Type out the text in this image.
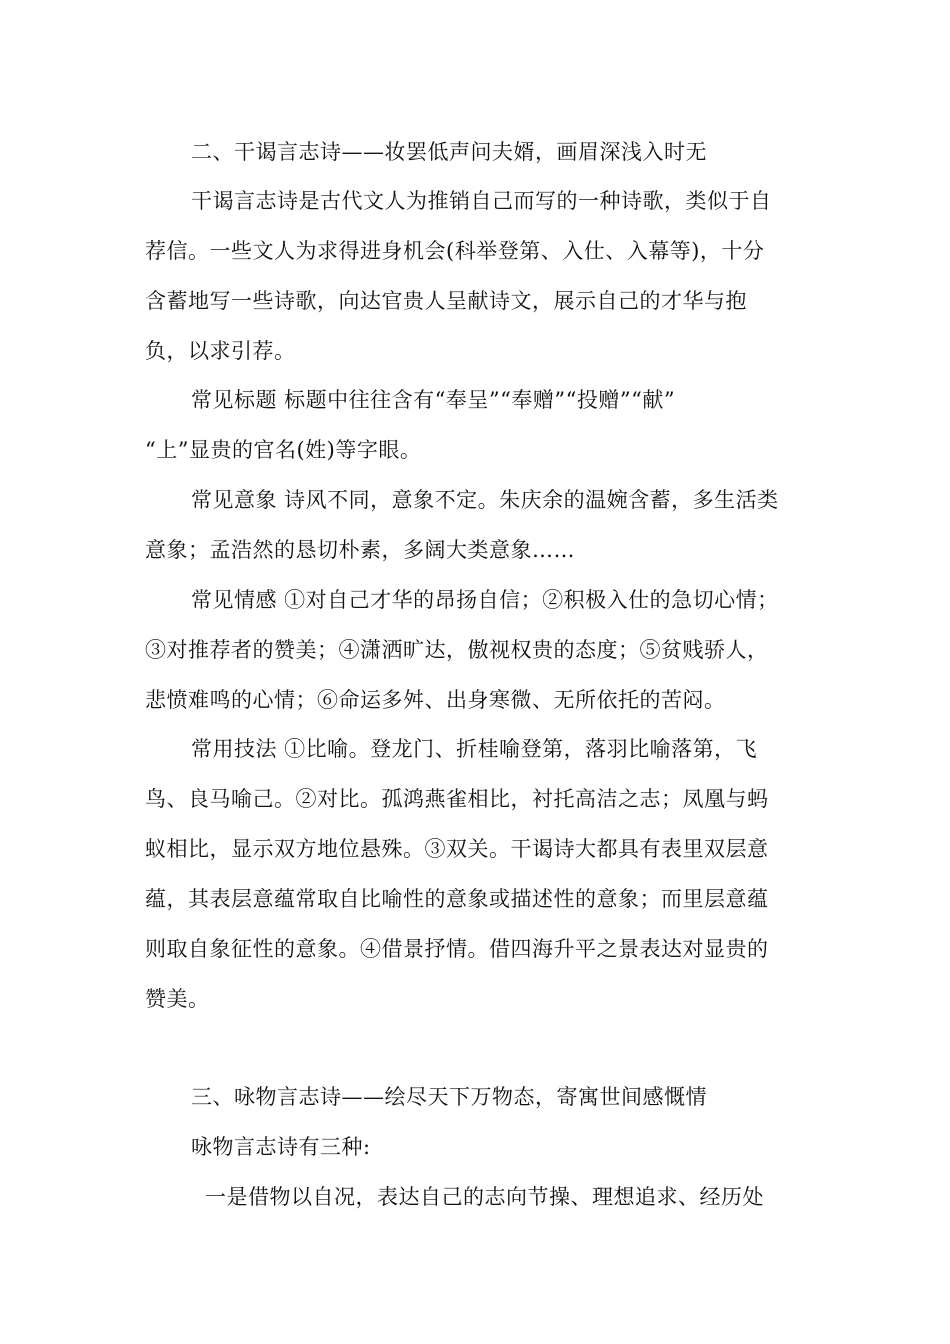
二、干谒言志诗——妆罢低声问夫婿，画眉深浅入时无
干谒言志诗是古代文人为推销自己而写的一种诗歌，类似于自
荐信。一些文人为求得进身机会(科举登第、入仕、入幕等)，十分
含蓄地写一些诗歌，向达官贵人呈献诗文，展示自己的才华与抱
负，以求引荐。
常见标题 标题中往往含有“奉呈”“奉赠”“投赠”“献”
“上”显贵的官名(姓)等字眼。
常见意象 诗风不同，意象不定。朱庆余的温婉含蓄，多生活类
意象；孟浩然的恳切朴素，多阔大类意象……
常见情感 ①对自己才华的昂扬自信；②积极入仕的急切心情；
③对推荐者的赞美；④潇洒旷达，傲视权贵的态度；⑤贫贱骄人，
悲愤难鸣的心情；⑥命运多舛、出身寒微、无所依托的苦闷。
常用技法 ①比喻。登龙门、折桂喻登第，落羽比喻落第，飞
鸟、良马喻己。②对比。孤鸿燕雀相比，衬托高洁之志；凤凰与蚂
蚁相比，显示双方地位悬殊。③双关。干谒诗大都具有表里双层意
蕴，其表层意蕴常取自比喻性的意象或描述性的意象；而里层意蕴
则取自象征性的意象。④借景抒情。借四海升平之景表达对显贵的
赞美。
三、咏物言志诗——绘尽天下万物态，寄寓世间感慨情
咏物言志诗有三种:
一是借物以自况，表达自己的志向节操、理想追求、经历处
